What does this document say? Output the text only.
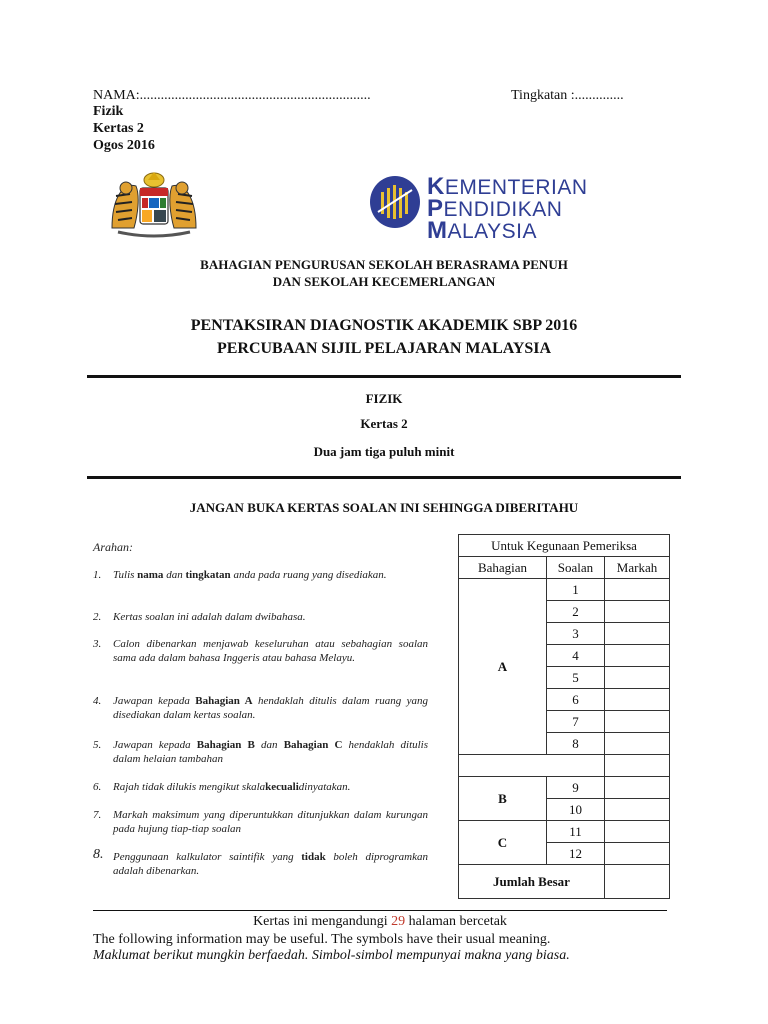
NAMA:..................................................................	Tingkatan :..............
Fizik
Kertas 2
Ogos 2016
KEMENTERIAN
PENDIDIKAN
MALAYSIA
BAHAGIAN PENGURUSAN SEKOLAH BERASRAMA PENUH
DAN SEKOLAH KECEMERLANGAN
PENTAKSIRAN DIAGNOSTIK AKADEMIK SBP 2016
PERCUBAAN SIJIL PELAJARAN MALAYSIA
FIZIK
Kertas 2
Dua jam tiga puluh minit
JANGAN BUKA KERTAS SOALAN INI SEHINGGA DIBERITAHU
Arahan:
1. Tulis nama dan tingkatan anda pada ruang yang disediakan.
2. Kertas soalan ini adalah dalam dwibahasa.
3. Calon dibenarkan menjawab keseluruhan atau sebahagian soalan sama ada dalam bahasa Inggeris atau bahasa Melayu.
4. Jawapan kepada Bahagian A hendaklah ditulis dalam ruang yang disediakan dalam kertas soalan.
5. Jawapan kepada Bahagian B dan Bahagian C hendaklah ditulis dalam helaian tambahan
6. Rajah tidak dilukis mengikut skalakecualidinyatakan.
7. Markah maksimum yang diperuntukkan ditunjukkan dalam kurungan pada hujung tiap-tiap soalan
8. Penggunaan kalkulator saintifik yang tidak boleh diprogramkan adalah dibenarkan.
Untuk Kegunaan Pemeriksa		
Bahagian	Soalan	Markah
A	1	
	2	
	3	
	4	
	5	
	6	
	7	
	8	

B	9	
	10	
C	11	
	12	
Jumlah Besar		
Kertas ini mengandungi 29 halaman bercetak
The following information may be useful. The symbols have their usual meaning.
Maklumat berikut mungkin berfaedah. Simbol-simbol mempunyai makna yang biasa.
